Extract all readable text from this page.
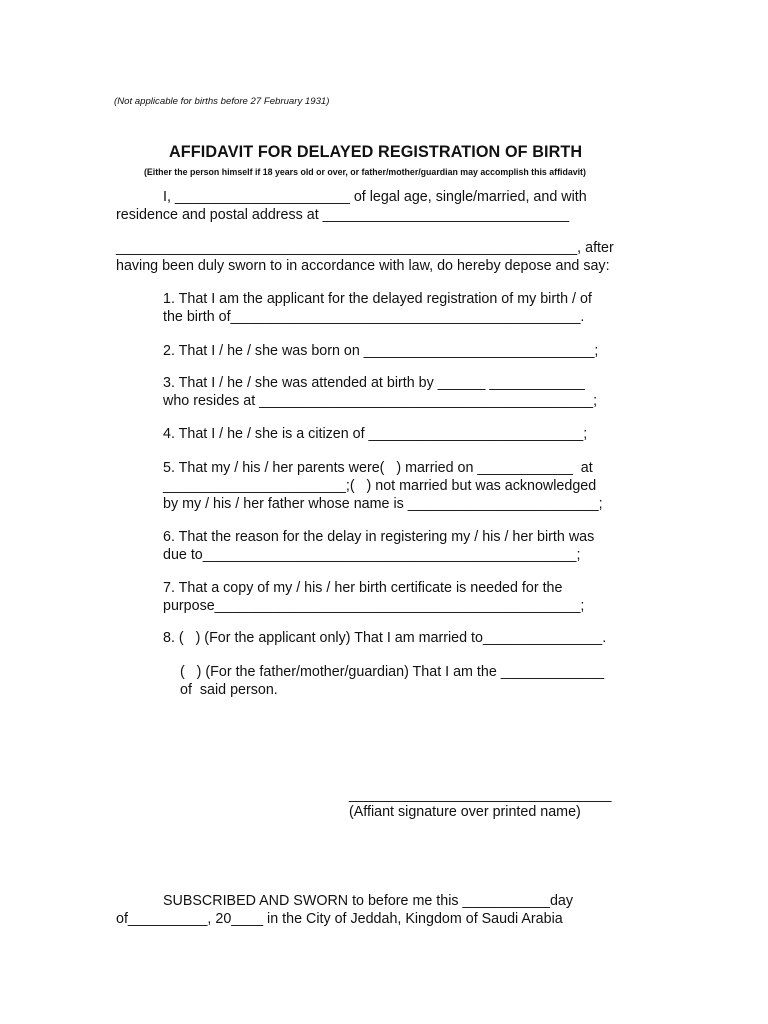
(Not applicable for births before 27 February 1931)
AFFIDAVIT FOR DELAYED REGISTRATION OF BIRTH
(Either the person himself if 18 years old or over, or father/mother/guardian may accomplish this affidavit)
I, ______________________ of legal age, single/married, and with
residence and postal address at _______________________________
__________________________________________________________, after
having been duly sworn to in accordance with law, do hereby depose and say:
1. That I am the applicant for the delayed registration of my birth / of
the birth of____________________________________________.
2. That I / he / she was born on _____________________________;
3. That I / he / she was attended at birth by ______ ____________
who resides at __________________________________________;
4. That I / he / she is a citizen of ___________________________;
5. That my / his / her parents were(   ) married on ____________  at
_______________________;(   ) not married but was acknowledged
by my / his / her father whose name is ________________________;
6. That the reason for the delay in registering my / his / her birth was
due to_______________________________________________;
7. That a copy of my / his / her birth certificate is needed for the
purpose______________________________________________;
8. (   ) (For the applicant only) That I am married to_______________.
(   ) (For the father/mother/guardian) That I am the _____________
of  said person.
_________________________________
(Affiant signature over printed name)
SUBSCRIBED AND SWORN to before me this ___________day
of__________, 20____ in the City of Jeddah, Kingdom of Saudi Arabia
